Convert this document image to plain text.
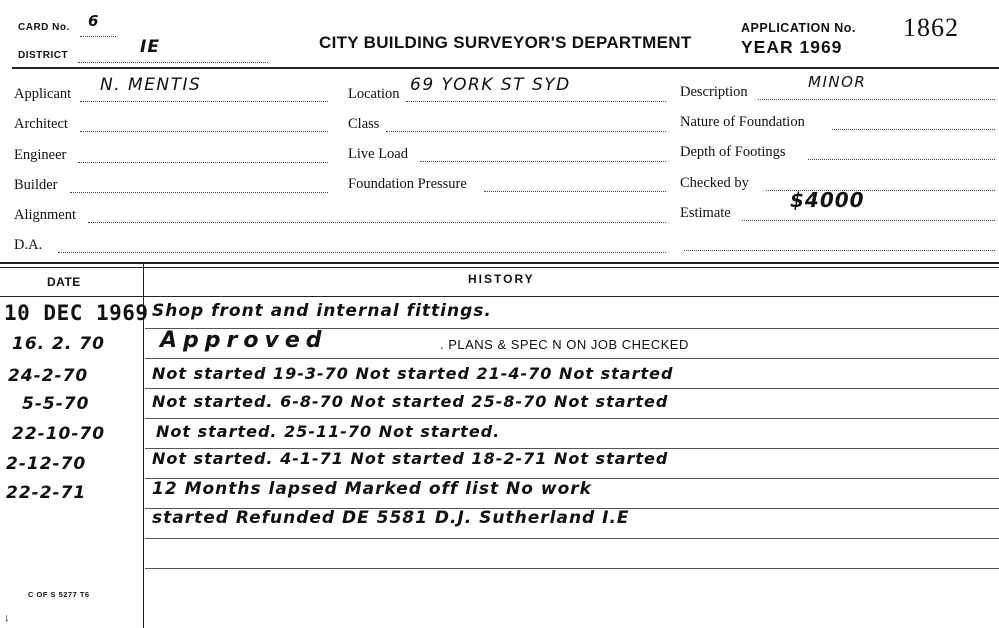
CARD No. 6
DISTRICT	IE	CITY BUILDING SURVEYOR'S DEPARTMENT
APPLICATION No. 1862
YEAR 1969
Applicant N. MENTIS
Architect
Engineer
Builder
Alignment
D.A.
Location 69 YORK ST SYD
Class
Live Load
Foundation Pressure
Description
MINOR
Nature of Foundation
Depth of Footings
Checked by
Estimate
$4000
DATE	HISTORY
10 DEC 1969 Shop front and internal fittings.
16. 2. 70	Approved	. PLANS & SPEC N ON JOB CHECKED
24-2-70	Not started 19-3-70 Not started 21-4-70 Not started
5-5-70	Not started. 6-8-70 Not started 25-8-70 Not started
22-10-70	Not started. 25-11-70 Not started.
2-12-70	Not started. 4-1-71 Not started 18-2-71 Not started
22-2-71	12 Months lapsed Marked off list No work
started Refunded DE 5581 D.J. Sutherland I.E
C OF S 5277 T6
↓
